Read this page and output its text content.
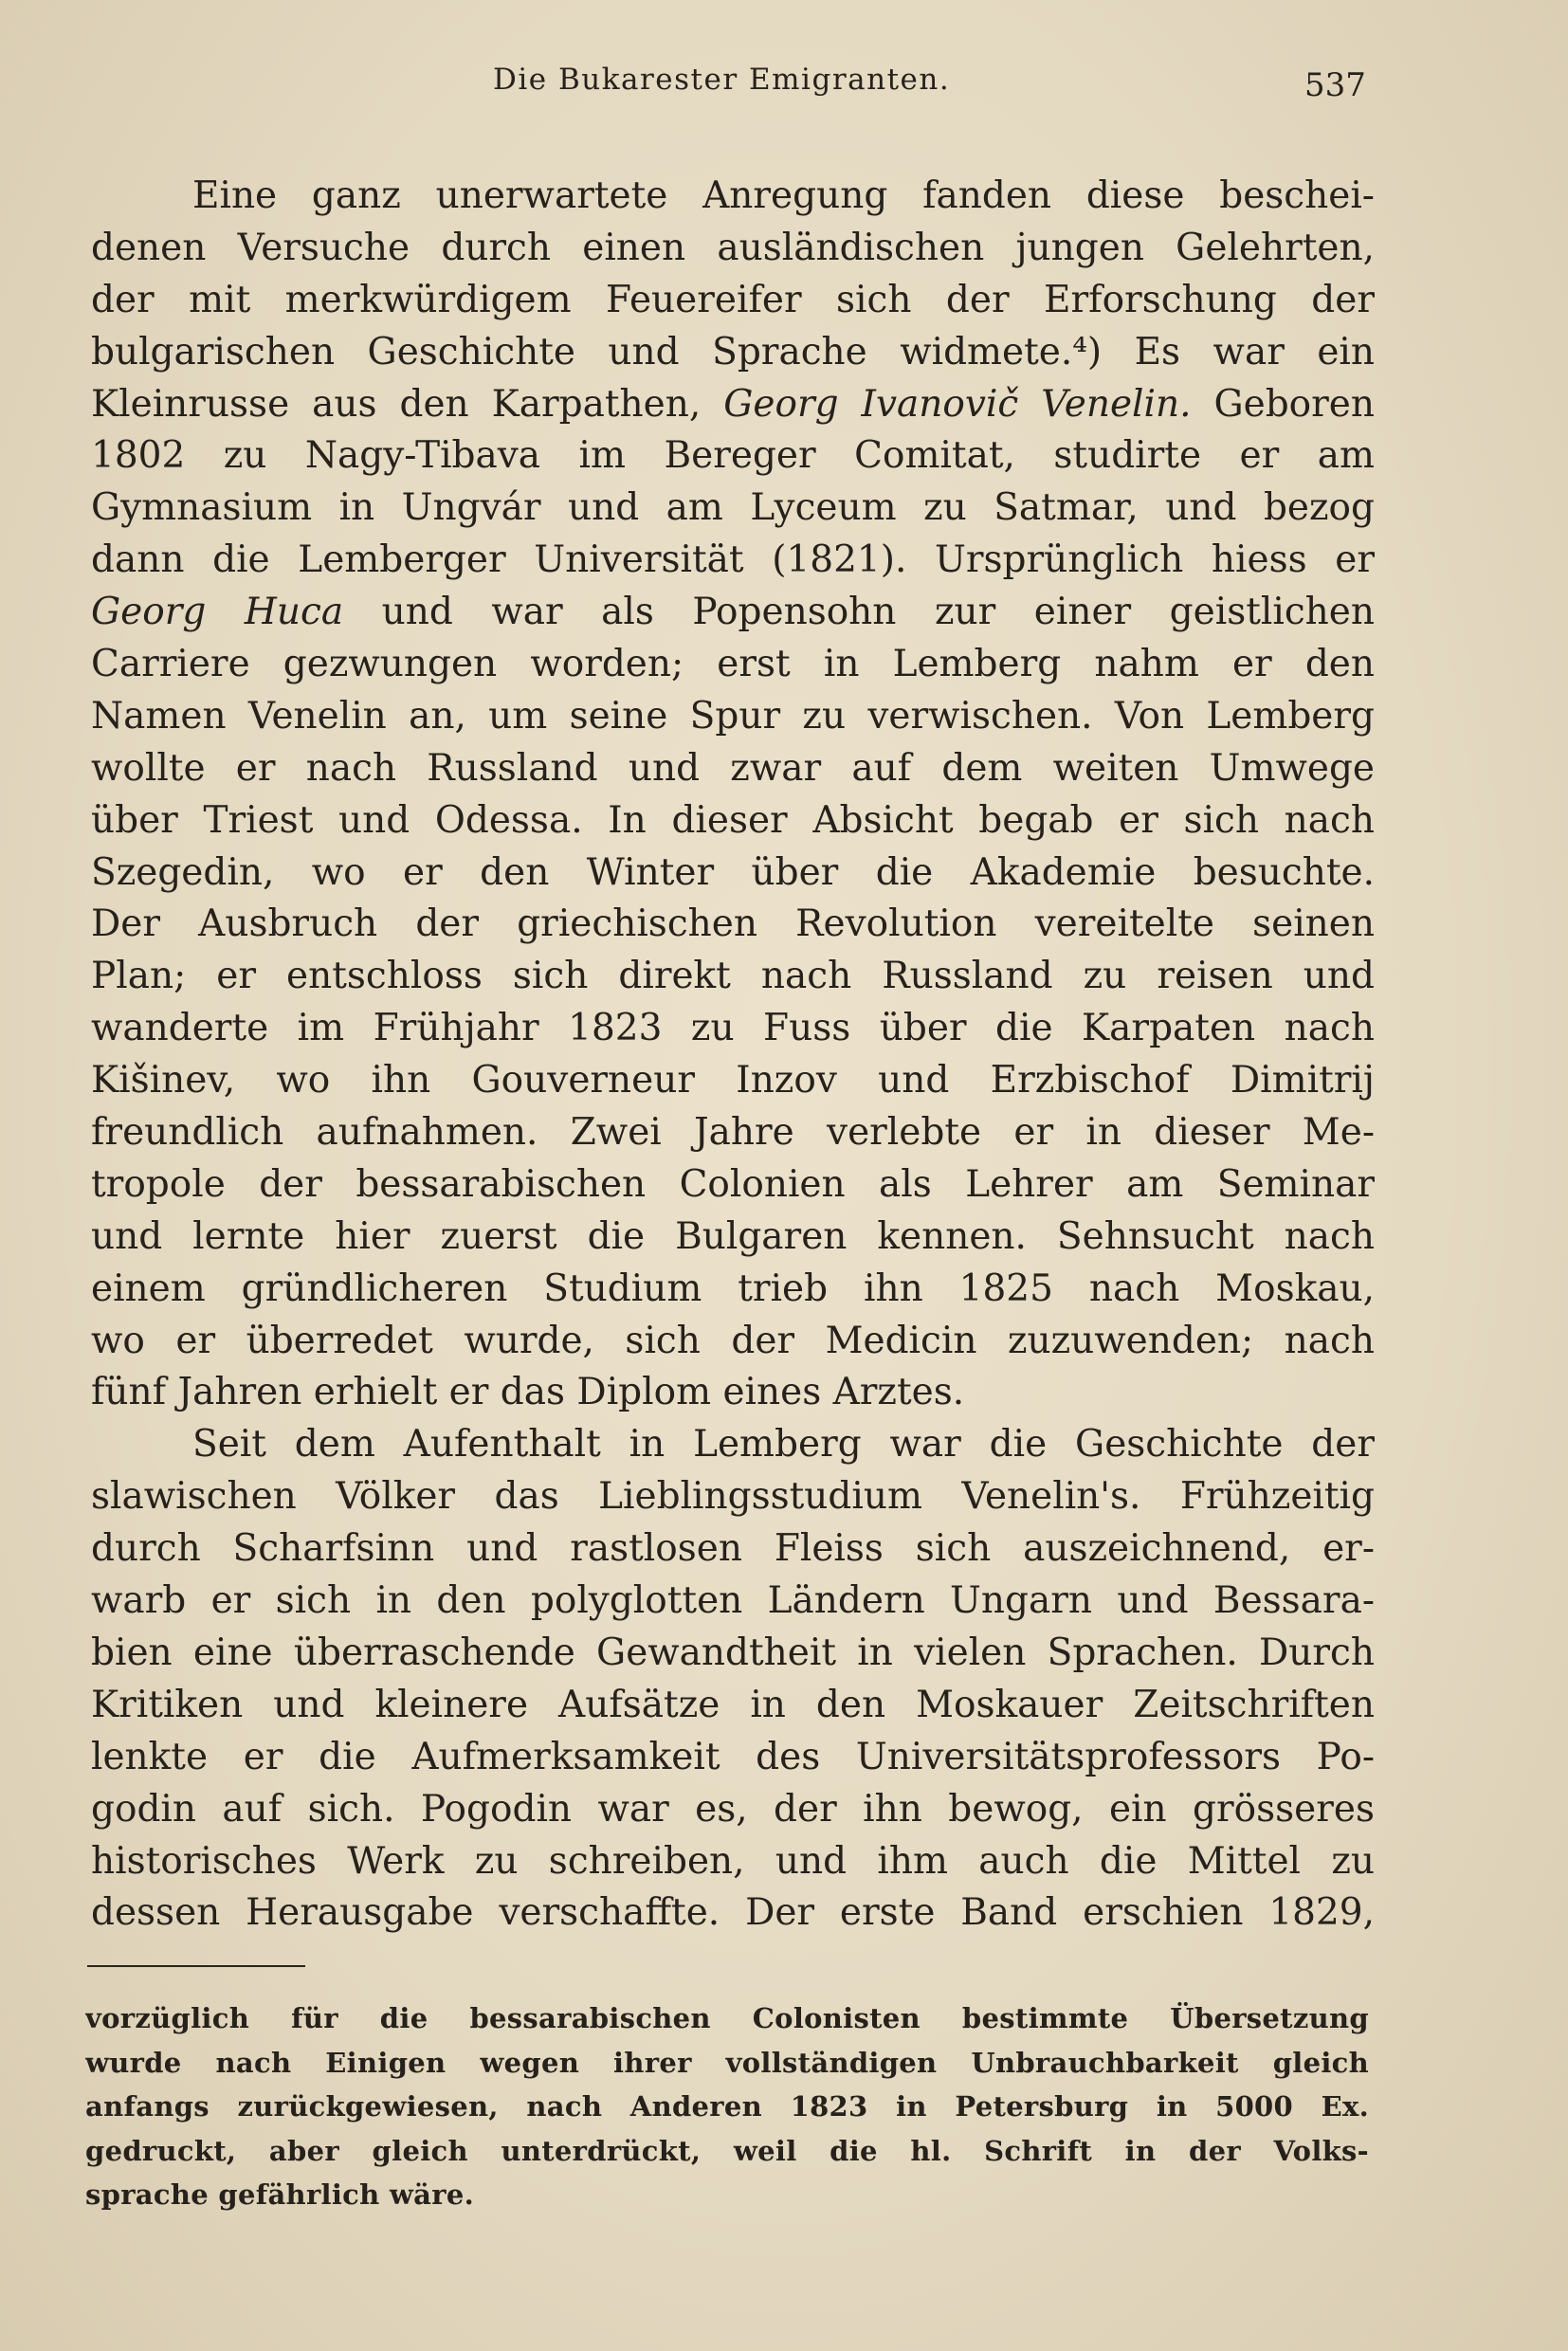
Die Bukarester Emigranten.	537
Eine ganz unerwartete Anregung fanden diese beschei-
denen Versuche durch einen ausländischen jungen Gelehrten,
der mit merkwürdigem Feuereifer sich der Erforschung der
bulgarischen Geschichte und Sprache widmete.⁴) Es war ein
Kleinrusse aus den Karpathen, Georg Ivanovič Venelin. Geboren
1802 zu Nagy-Tibava im Bereger Comitat, studirte er am
Gymnasium in Ungvár und am Lyceum zu Satmar, und bezog
dann die Lemberger Universität (1821). Ursprünglich hiess er
Georg Huca und war als Popensohn zur einer geistlichen
Carriere gezwungen worden; erst in Lemberg nahm er den
Namen Venelin an, um seine Spur zu verwischen. Von Lemberg
wollte er nach Russland und zwar auf dem weiten Umwege
über Triest und Odessa. In dieser Absicht begab er sich nach
Szegedin, wo er den Winter über die Akademie besuchte.
Der Ausbruch der griechischen Revolution vereitelte seinen
Plan; er entschloss sich direkt nach Russland zu reisen und
wanderte im Frühjahr 1823 zu Fuss über die Karpaten nach
Kišinev, wo ihn Gouverneur Inzov und Erzbischof Dimitrij
freundlich aufnahmen. Zwei Jahre verlebte er in dieser Me-
tropole der bessarabischen Colonien als Lehrer am Seminar
und lernte hier zuerst die Bulgaren kennen. Sehnsucht nach
einem gründlicheren Studium trieb ihn 1825 nach Moskau,
wo er überredet wurde, sich der Medicin zuzuwenden; nach
fünf Jahren erhielt er das Diplom eines Arztes.
Seit dem Aufenthalt in Lemberg war die Geschichte der
slawischen Völker das Lieblingsstudium Venelin's. Frühzeitig
durch Scharfsinn und rastlosen Fleiss sich auszeichnend, er-
warb er sich in den polyglotten Ländern Ungarn und Bessara-
bien eine überraschende Gewandtheit in vielen Sprachen. Durch
Kritiken und kleinere Aufsätze in den Moskauer Zeitschriften
lenkte er die Aufmerksamkeit des Universitätsprofessors Po-
godin auf sich. Pogodin war es, der ihn bewog, ein grösseres
historisches Werk zu schreiben, und ihm auch die Mittel zu
dessen Herausgabe verschaffte. Der erste Band erschien 1829,
vorzüglich für die bessarabischen Colonisten bestimmte Übersetzung
wurde nach Einigen wegen ihrer vollständigen Unbrauchbarkeit gleich
anfangs zurückgewiesen, nach Anderen 1823 in Petersburg in 5000 Ex.
gedruckt, aber gleich unterdrückt, weil die hl. Schrift in der Volks-
sprache gefährlich wäre.
